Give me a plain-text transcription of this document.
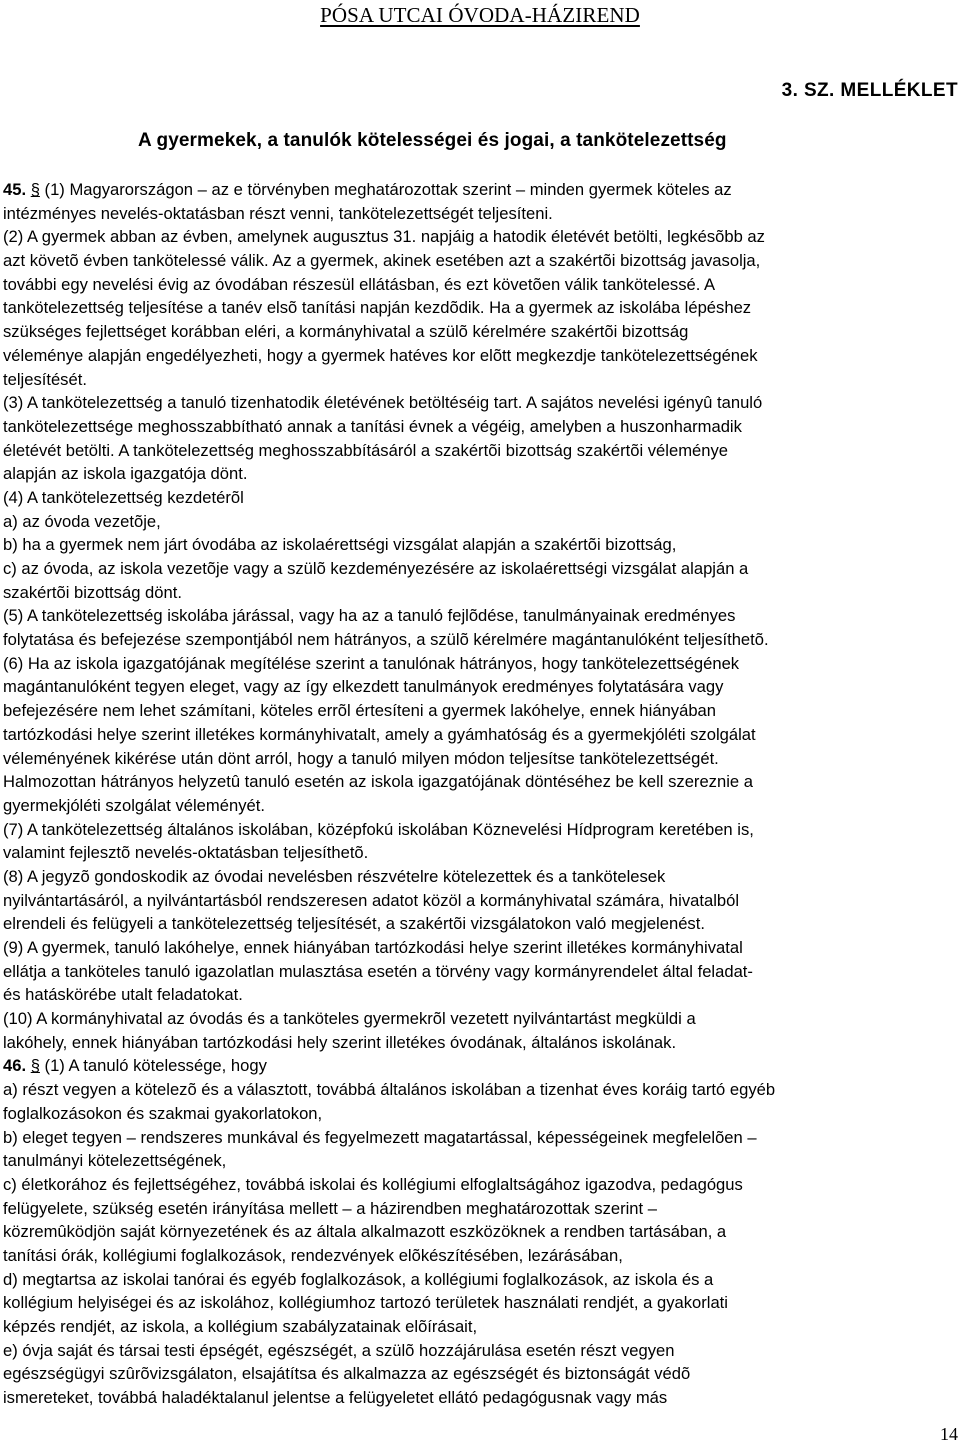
PÓSA UTCAI ÓVODA-HÁZIREND
3. SZ. MELLÉKLET
A gyermekek, a tanulók kötelességei és jogai, a tankötelezettség
45. § (1) Magyarországon – az e törvényben meghatározottak szerint – minden gyermek köteles az
intézményes nevelés-oktatásban részt venni, tankötelezettségét teljesíteni.
(2) A gyermek abban az évben, amelynek augusztus 31. napjáig a hatodik életévét betölti, legkésõbb az
azt követõ évben tankötelessé válik. Az a gyermek, akinek esetében azt a szakértõi bizottság javasolja,
további egy nevelési évig az óvodában részesül ellátásban, és ezt követõen válik tankötelessé. A
tankötelezettség teljesítése a tanév elsõ tanítási napján kezdõdik. Ha a gyermek az iskolába lépéshez
szükséges fejlettséget korábban eléri, a kormányhivatal a szülõ kérelmére szakértõi bizottság
véleménye alapján engedélyezheti, hogy a gyermek hatéves kor elõtt megkezdje tankötelezettségének
teljesítését.
(3) A tankötelezettség a tanuló tizenhatodik életévének betöltéséig tart. A sajátos nevelési igényû tanuló
tankötelezettsége meghosszabbítható annak a tanítási évnek a végéig, amelyben a huszonharmadik
életévét betölti. A tankötelezettség meghosszabbításáról a szakértõi bizottság szakértõi véleménye
alapján az iskola igazgatója dönt.
(4) A tankötelezettség kezdetérõl
a) az óvoda vezetõje,
b) ha a gyermek nem járt óvodába az iskolaérettségi vizsgálat alapján a szakértõi bizottság,
c) az óvoda, az iskola vezetõje vagy a szülõ kezdeményezésére az iskolaérettségi vizsgálat alapján a
szakértõi bizottság dönt.
(5) A tankötelezettség iskolába járással, vagy ha az a tanuló fejlõdése, tanulmányainak eredményes
folytatása és befejezése szempontjából nem hátrányos, a szülõ kérelmére magántanulóként teljesíthetõ.
(6) Ha az iskola igazgatójának megítélése szerint a tanulónak hátrányos, hogy tankötelezettségének
magántanulóként tegyen eleget, vagy az így elkezdett tanulmányok eredményes folytatására vagy
befejezésére nem lehet számítani, köteles errõl értesíteni a gyermek lakóhelye, ennek hiányában
tartózkodási helye szerint illetékes kormányhivatalt, amely a gyámhatóság és a gyermekjóléti szolgálat
véleményének kikérése után dönt arról, hogy a tanuló milyen módon teljesítse tankötelezettségét.
Halmozottan hátrányos helyzetû tanuló esetén az iskola igazgatójának döntéséhez be kell szereznie a
gyermekjóléti szolgálat véleményét.
(7) A tankötelezettség általános iskolában, középfokú iskolában Köznevelési Hídprogram keretében is,
valamint fejlesztõ nevelés-oktatásban teljesíthetõ.
(8) A jegyzõ gondoskodik az óvodai nevelésben részvételre kötelezettek és a tankötelesek
nyilvántartásáról, a nyilvántartásból rendszeresen adatot közöl a kormányhivatal számára, hivatalból
elrendeli és felügyeli a tankötelezettség teljesítését, a szakértõi vizsgálatokon való megjelenést.
(9) A gyermek, tanuló lakóhelye, ennek hiányában tartózkodási helye szerint illetékes kormányhivatal
ellátja a tanköteles tanuló igazolatlan mulasztása esetén a törvény vagy kormányrendelet által feladat-
és hatáskörébe utalt feladatokat.
(10) A kormányhivatal az óvodás és a tanköteles gyermekrõl vezetett nyilvántartást megküldi a
lakóhely, ennek hiányában tartózkodási hely szerint illetékes óvodának, általános iskolának.
46. § (1) A tanuló kötelessége, hogy
a) részt vegyen a kötelezõ és a választott, továbbá általános iskolában a tizenhat éves koráig tartó egyéb
foglalkozásokon és szakmai gyakorlatokon,
b) eleget tegyen – rendszeres munkával és fegyelmezett magatartással, képességeinek megfelelõen –
tanulmányi kötelezettségének,
c) életkorához és fejlettségéhez, továbbá iskolai és kollégiumi elfoglaltságához igazodva, pedagógus
felügyelete, szükség esetén irányítása mellett – a házirendben meghatározottak szerint –
közremûködjön saját környezetének és az általa alkalmazott eszközöknek a rendben tartásában, a
tanítási órák, kollégiumi foglalkozások, rendezvények elõkészítésében, lezárásában,
d) megtartsa az iskolai tanórai és egyéb foglalkozások, a kollégiumi foglalkozások, az iskola és a
kollégium helyiségei és az iskolához, kollégiumhoz tartozó területek használati rendjét, a gyakorlati
képzés rendjét, az iskola, a kollégium szabályzatainak elõírásait,
e) óvja saját és társai testi épségét, egészségét, a szülõ hozzájárulása esetén részt vegyen
egészségügyi szûrõvizsgálaton, elsajátítsa és alkalmazza az egészségét és biztonságát védõ
ismereteket, továbbá haladéktalanul jelentse a felügyeletet ellátó pedagógusnak vagy más
14
